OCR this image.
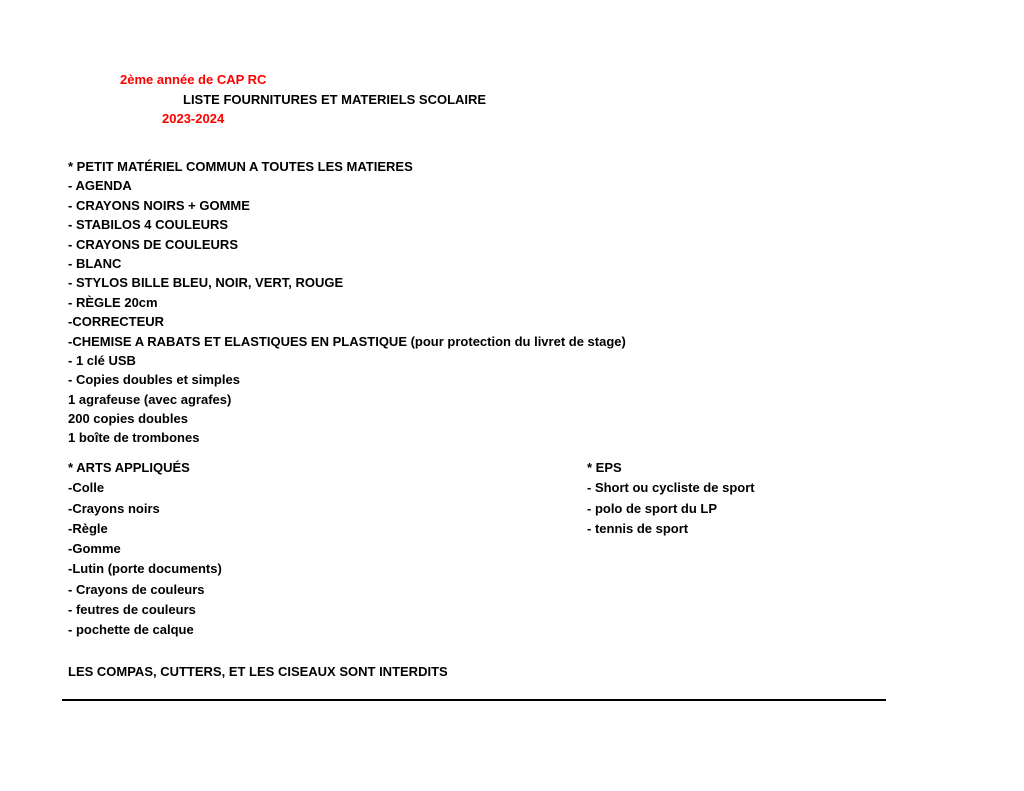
2ème année de CAP RC

LISTE FOURNITURES ET MATERIELS SCOLAIRE

2023-2024

* PETIT MATÉRIEL COMMUN A TOUTES LES MATIERES

- AGENDA

- CRAYONS NOIRS + GOMME

- STABILOS 4 COULEURS

- CRAYONS DE COULEURS

- BLANC

- STYLOS BILLE BLEU, NOIR, VERT, ROUGE

- RÈGLE 20cm

-CORRECTEUR

-CHEMISE A RABATS ET ELASTIQUES EN PLASTIQUE (pour protection du livret de stage)

- 1 clé USB

- Copies doubles et simples

1 agrafeuse (avec agrafes)

200 copies doubles

1 boîte de trombones

* ARTS APPLIQUÉS

-Colle

-Crayons noirs

-Règle

-Gomme

-Lutin (porte documents)

- Crayons de couleurs

- feutres de couleurs

- pochette de calque

* EPS

- Short ou cycliste de sport

- polo de sport du LP

- tennis de sport

LES COMPAS, CUTTERS, ET LES CISEAUX SONT INTERDITS
